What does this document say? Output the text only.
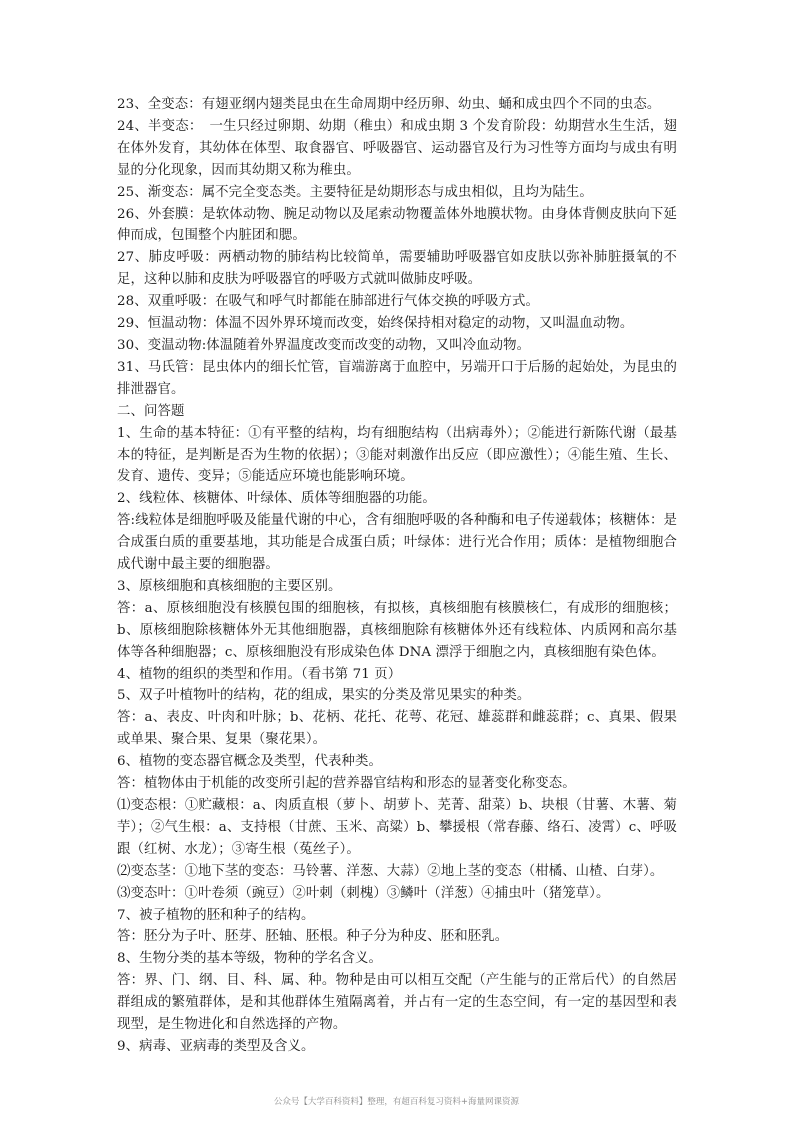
23、全变态：有翅亚纲内翅类昆虫在生命周期中经历卵、幼虫、蛹和成虫四个不同的虫态。

24、半变态：　一生只经过卵期、幼期（稚虫）和成虫期 3 个发育阶段：幼期营水生生活，翅在体外发育，其幼体在体型、取食器官、呼吸器官、运动器官及行为习性等方面均与成虫有明显的分化现象，因而其幼期又称为稚虫。

25、渐变态：属不完全变态类。主要特征是幼期形态与成虫相似，且均为陆生。

26、外套膜：是软体动物、腕足动物以及尾索动物覆盖体外地膜状物。由身体背侧皮肤向下延伸而成，包围整个内脏团和腮。

27、肺皮呼吸：两栖动物的肺结构比较简单，需要辅助呼吸器官如皮肤以弥补肺脏摄氧的不足，这种以肺和皮肤为呼吸器官的呼吸方式就叫做肺皮呼吸。

28、双重呼吸：在吸气和呼气时都能在肺部进行气体交换的呼吸方式。

29、恒温动物：体温不因外界环境而改变，始终保持相对稳定的动物，又叫温血动物。

30、变温动物:体温随着外界温度改变而改变的动物，又叫冷血动物。

31、马氏管：昆虫体内的细长忙管，盲端游离于血腔中，另端开口于后肠的起始处，为昆虫的排泄器官。

二、问答题

1、生命的基本特征：①有平整的结构，均有细胞结构（出病毒外）；②能进行新陈代谢（最基本的特征，是判断是否为生物的依据）；③能对刺激作出反应（即应激性）；④能生殖、生长、发育、遗传、变异；⑤能适应环境也能影响环境。

2、线粒体、核糖体、叶绿体、质体等细胞器的功能。

答:线粒体是细胞呼吸及能量代谢的中心，含有细胞呼吸的各种酶和电子传递载体；核糖体：是合成蛋白质的重要基地，其功能是合成蛋白质；叶绿体：进行光合作用；质体：是植物细胞合成代谢中最主要的细胞器。

3、原核细胞和真核细胞的主要区别。

答：a、原核细胞没有核膜包围的细胞核，有拟核，真核细胞有核膜核仁，有成形的细胞核；b、原核细胞除核糖体外无其他细胞器，真核细胞除有核糖体外还有线粒体、内质网和高尔基体等各种细胞器；c、原核细胞没有形成染色体 DNA 漂浮于细胞之内，真核细胞有染色体。

4、植物的组织的类型和作用。（看书第 71 页）

5、双子叶植物叶的结构，花的组成，果实的分类及常见果实的种类。

答：a、表皮、叶肉和叶脉；b、花柄、花托、花萼、花冠、雄蕊群和雌蕊群；c、真果、假果或单果、聚合果、复果（聚花果）。

6、植物的变态器官概念及类型，代表种类。

答：植物体由于机能的改变所引起的营养器官结构和形态的显著变化称变态。

⑴变态根：①贮藏根：a、肉质直根（萝卜、胡萝卜、芜菁、甜菜）b、块根（甘薯、木薯、菊芋）；②气生根：a、支持根（甘蔗、玉米、高粱）b、攀援根（常春藤、络石、凌霄）c、呼吸跟（红树、水龙）；③寄生根（菟丝子）。

⑵变态茎：①地下茎的变态：马铃薯、洋葱、大蒜）②地上茎的变态（柑橘、山楂、白芽）。

⑶变态叶：①叶卷须（豌豆）②叶刺（刺槐）③鳞叶（洋葱）④捕虫叶（猪笼草）。

7、被子植物的胚和种子的结构。

答：胚分为子叶、胚芽、胚轴、胚根。种子分为种皮、胚和胚乳。

8、生物分类的基本等级，物种的学名含义。

答：界、门、纲、目、科、属、种。物种是由可以相互交配（产生能与的正常后代）的自然居群组成的繁殖群体，是和其他群体生殖隔离着，并占有一定的生态空间，有一定的基因型和表现型，是生物进化和自然选择的产物。

9、病毒、亚病毒的类型及含义。

公众号【大学百科资料】整理，有超百科复习资料+海量网课资源
